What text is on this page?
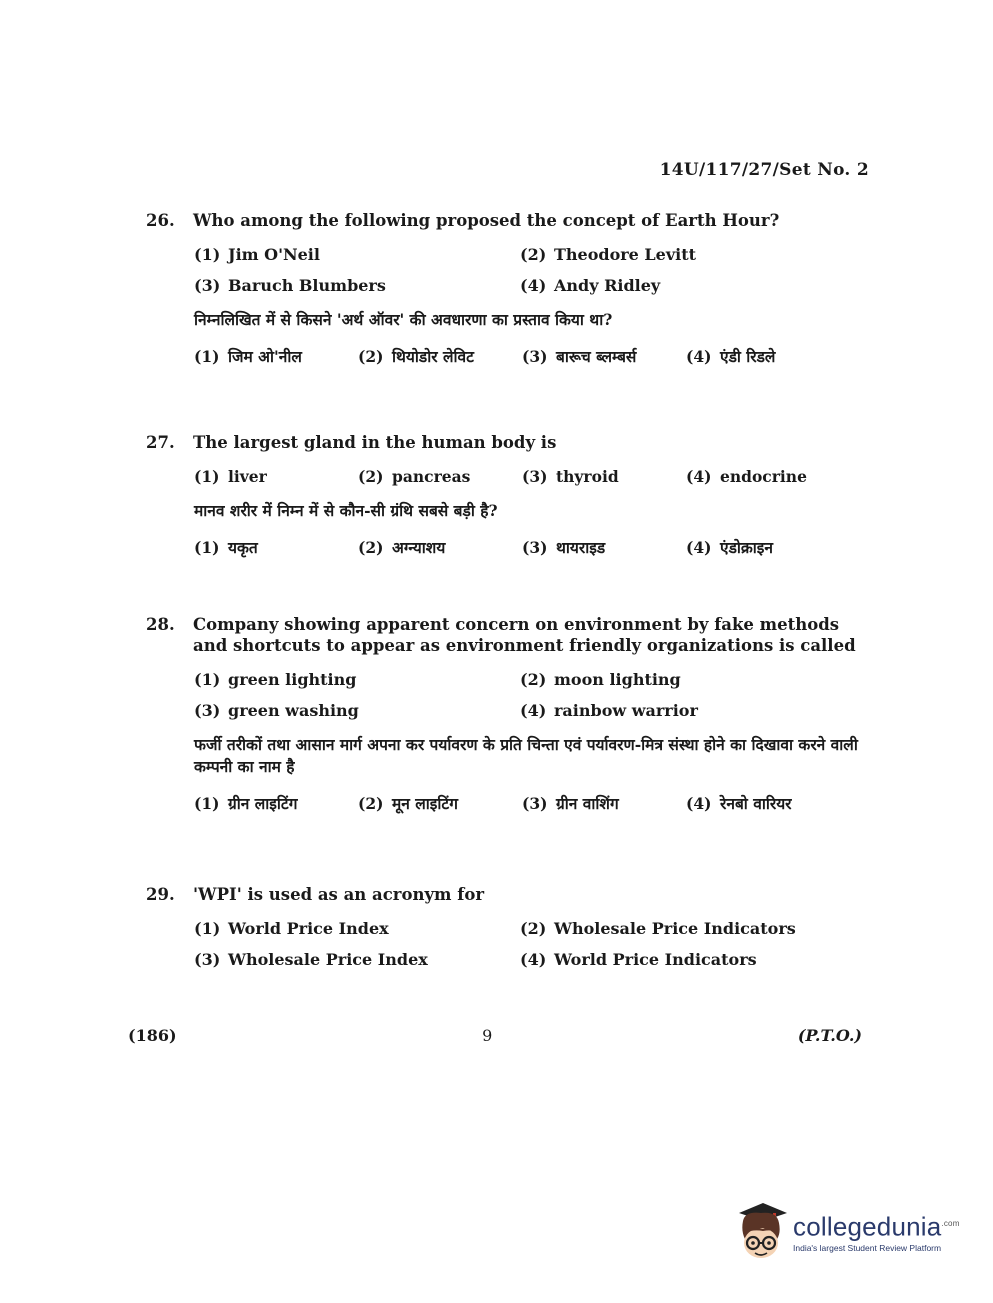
14U/117/27/Set No. 2
26.	Who among the following proposed the concept of Earth Hour?
(1) Jim O'Neil	(2) Theodore Levitt
(3) Baruch Blumbers	(4) Andy Ridley
निम्नलिखित में से किसने 'अर्थ ऑवर' की अवधारणा का प्रस्ताव किया था?
(1) जिम ओ'नील	(2) थियोडोर लेविट	(3) बारूच ब्लम्बर्स	(4) एंडी रिडले
27.	The largest gland in the human body is
(1) liver	(2) pancreas	(3) thyroid	(4) endocrine
मानव शरीर में निम्न में से कौन-सी ग्रंथि सबसे बड़ी है?
(1) यकृत	(2) अग्न्याशय	(3) थायराइड	(4) एंडोक्राइन
28.	Company showing apparent concern on environment by fake methods and shortcuts to appear as environment friendly organizations is called
(1) green lighting	(2) moon lighting
(3) green washing	(4) rainbow warrior
फर्जी तरीकों तथा आसान मार्ग अपना कर पर्यावरण के प्रति चिन्ता एवं पर्यावरण-मित्र संस्था होने का दिखावा करने वाली कम्पनी का नाम है
(1) ग्रीन लाइटिंग	(2) मून लाइटिंग	(3) ग्रीन वाशिंग	(4) रेनबो वारियर
29.	'WPI' is used as an acronym for
(1) World Price Index	(2) Wholesale Price Indicators
(3) Wholesale Price Index	(4) World Price Indicators
(186)	9	(P.T.O.)
collegedunia$^{.com}$
India's largest Student Review Platform
